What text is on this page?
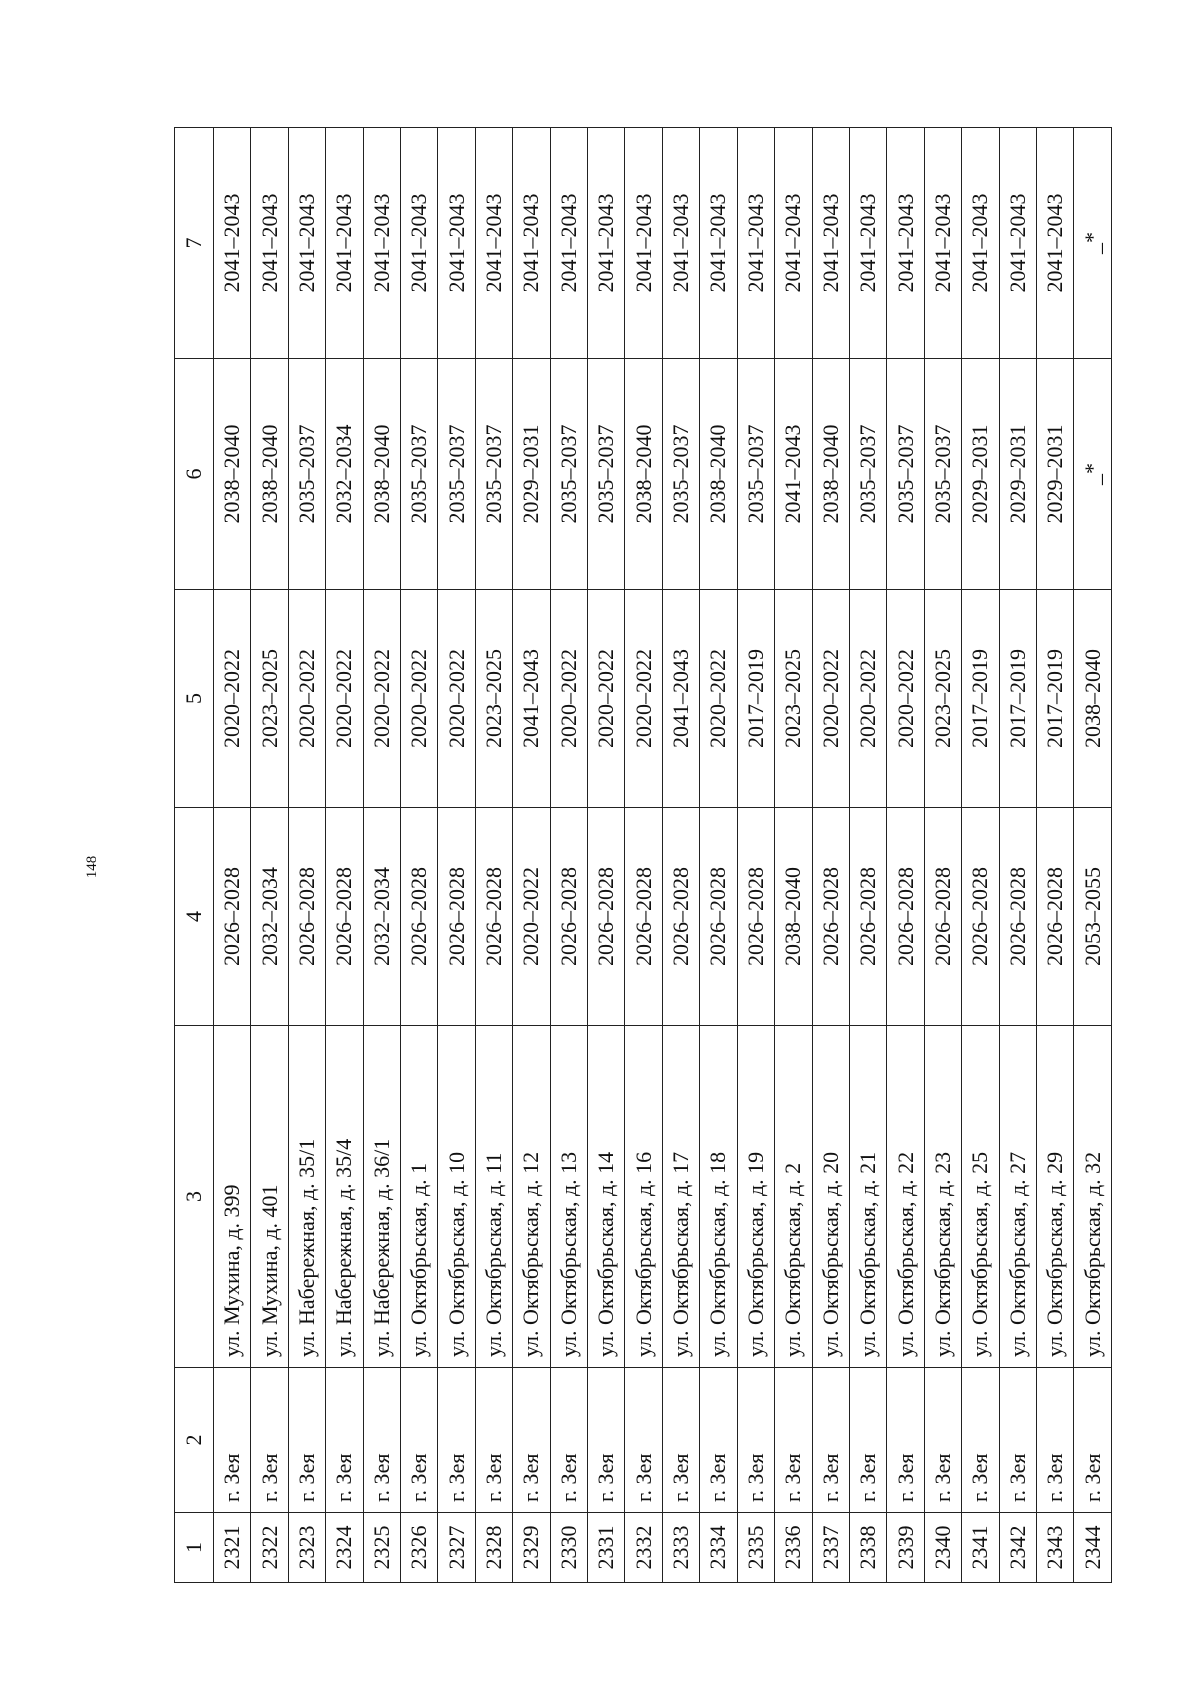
148
1	2	3	4	5	6	7
2321	г. Зея	ул. Мухина, д. 399	2026–2028	2020–2022	2038–2040	2041–2043
2322	г. Зея	ул. Мухина, д. 401	2032–2034	2023–2025	2038–2040	2041–2043
2323	г. Зея	ул. Набережная, д. 35/1	2026–2028	2020–2022	2035–2037	2041–2043
2324	г. Зея	ул. Набережная, д. 35/4	2026–2028	2020–2022	2032–2034	2041–2043
2325	г. Зея	ул. Набережная, д. 36/1	2032–2034	2020–2022	2038–2040	2041–2043
2326	г. Зея	ул. Октябрьская, д. 1	2026–2028	2020–2022	2035–2037	2041–2043
2327	г. Зея	ул. Октябрьская, д. 10	2026–2028	2020–2022	2035–2037	2041–2043
2328	г. Зея	ул. Октябрьская, д. 11	2026–2028	2023–2025	2035–2037	2041–2043
2329	г. Зея	ул. Октябрьская, д. 12	2020–2022	2041–2043	2029–2031	2041–2043
2330	г. Зея	ул. Октябрьская, д. 13	2026–2028	2020–2022	2035–2037	2041–2043
2331	г. Зея	ул. Октябрьская, д. 14	2026–2028	2020–2022	2035–2037	2041–2043
2332	г. Зея	ул. Октябрьская, д. 16	2026–2028	2020–2022	2038–2040	2041–2043
2333	г. Зея	ул. Октябрьская, д. 17	2026–2028	2041–2043	2035–2037	2041–2043
2334	г. Зея	ул. Октябрьская, д. 18	2026–2028	2020–2022	2038–2040	2041–2043
2335	г. Зея	ул. Октябрьская, д. 19	2026–2028	2017–2019	2035–2037	2041–2043
2336	г. Зея	ул. Октябрьская, д. 2	2038–2040	2023–2025	2041–2043	2041–2043
2337	г. Зея	ул. Октябрьская, д. 20	2026–2028	2020–2022	2038–2040	2041–2043
2338	г. Зея	ул. Октябрьская, д. 21	2026–2028	2020–2022	2035–2037	2041–2043
2339	г. Зея	ул. Октябрьская, д. 22	2026–2028	2020–2022	2035–2037	2041–2043
2340	г. Зея	ул. Октябрьская, д. 23	2026–2028	2023–2025	2035–2037	2041–2043
2341	г. Зея	ул. Октябрьская, д. 25	2026–2028	2017–2019	2029–2031	2041–2043
2342	г. Зея	ул. Октябрьская, д. 27	2026–2028	2017–2019	2029–2031	2041–2043
2343	г. Зея	ул. Октябрьская, д. 29	2026–2028	2017–2019	2029–2031	2041–2043
2344	г. Зея	ул. Октябрьская, д. 32	2053–2055	2038–2040	_*	_*
